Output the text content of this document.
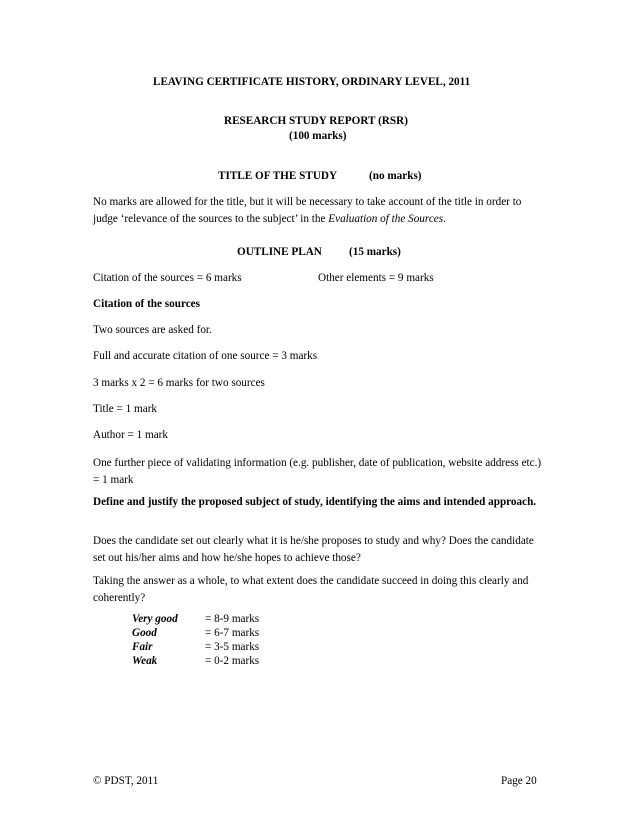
LEAVING CERTIFICATE HISTORY, ORDINARY LEVEL, 2011
RESEARCH STUDY REPORT (RSR)
(100 marks)
TITLE OF THE STUDY	(no marks)
No marks are allowed for the title, but it will be necessary to take account of the title in order to judge ‘relevance of the sources to the subject’ in the Evaluation of the Sources.
OUTLINE PLAN (15 marks)
Citation of the sources = 6 marks	Other elements = 9 marks
Citation of the sources
Two sources are asked for.
Full and accurate citation of one source = 3 marks
3 marks x 2 = 6 marks for two sources
Title = 1 mark
Author = 1 mark
One further piece of validating information (e.g. publisher, date of publication, website address etc.) = 1 mark
Define and justify the proposed subject of study, identifying the aims and intended approach.
Does the candidate set out clearly what it is he/she proposes to study and why? Does the candidate set out his/her aims and how he/she hopes to achieve those?
Taking the answer as a whole, to what extent does the candidate succeed in doing this clearly and coherently?
Very good = 8-9 marks
Good	= 6-7 marks
Fair	= 3-5 marks
Weak	= 0-2 marks
© PDST, 2011	Page 20
